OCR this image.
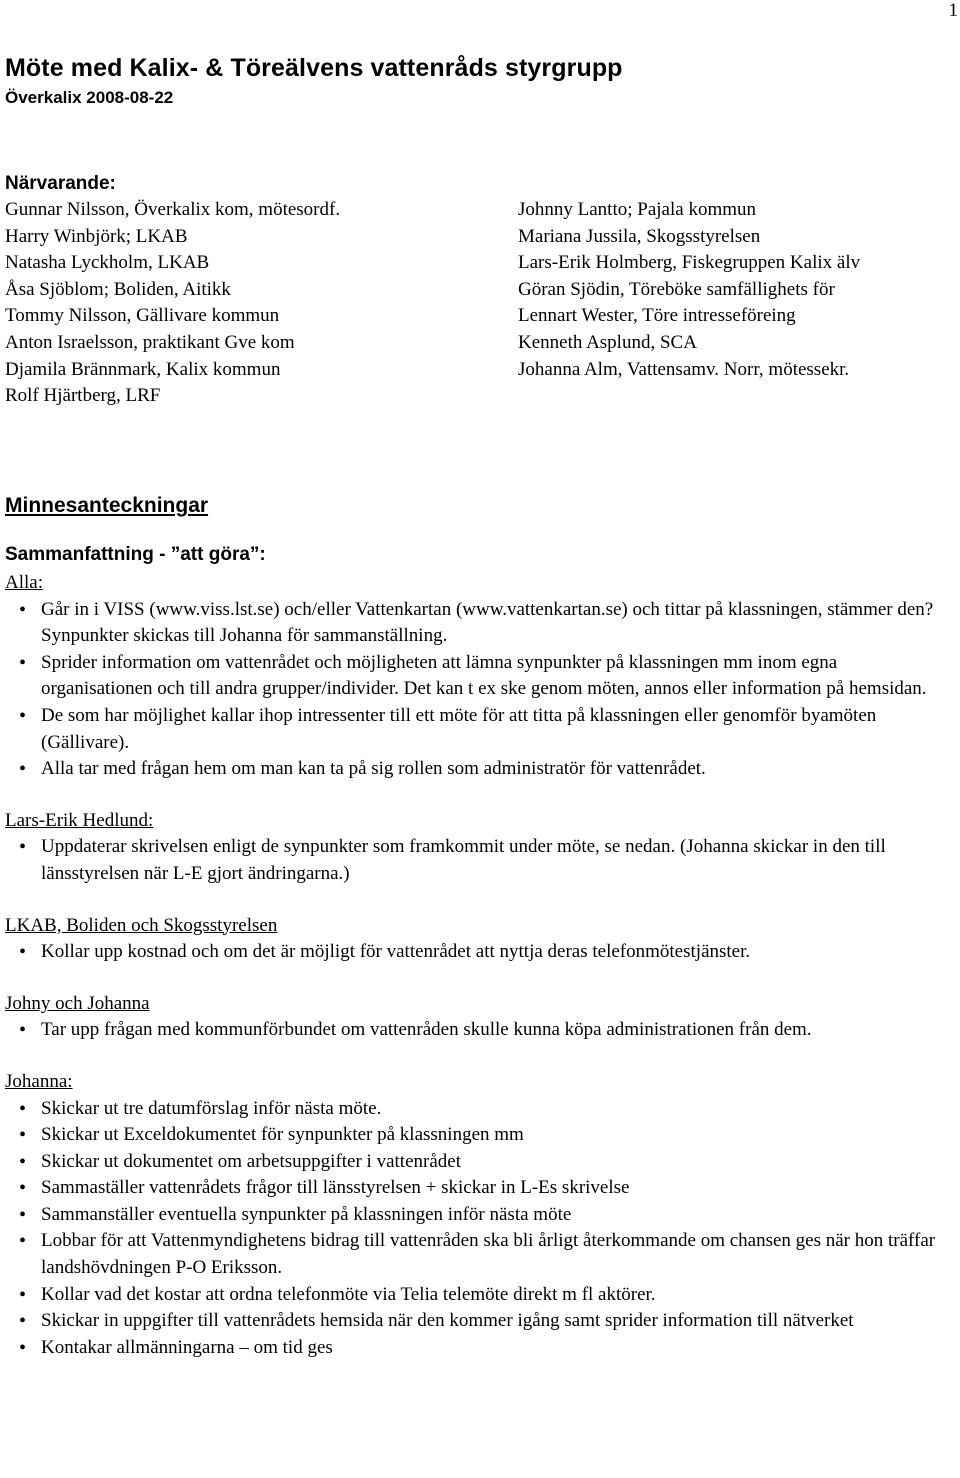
1
Möte med Kalix- & Töreälvens vattenråds styrgrupp
Överkalix 2008-08-22
Närvarande:
Gunnar Nilsson, Överkalix kom, mötesordf.
Harry Winbjörk; LKAB
Natasha Lyckholm, LKAB
Åsa Sjöblom; Boliden, Aitikk
Tommy Nilsson, Gällivare kommun
Anton Israelsson, praktikant Gve kom
Djamila Brännmark, Kalix kommun
Rolf Hjärtberg, LRF
Johnny Lantto; Pajala kommun
Mariana Jussila, Skogsstyrelsen
Lars-Erik Holmberg, Fiskegruppen Kalix älv
Göran Sjödin, Töreböke samfällighets för
Lennart Wester, Töre intresseföreing
Kenneth Asplund, SCA
Johanna Alm, Vattensamv. Norr, mötessekr.
Minnesanteckningar
Sammanfattning - ”att göra”:
Alla:
• Går in i VISS (www.viss.lst.se) och/eller Vattenkartan (www.vattenkartan.se) och tittar på klassningen, stämmer den? Synpunkter skickas till Johanna för sammanställning.
• Sprider information om vattenrådet och möjligheten att lämna synpunkter på klassningen mm inom egna organisationen och till andra grupper/individer. Det kan t ex ske genom möten, annos eller information på hemsidan.
• De som har möjlighet kallar ihop intressenter till ett möte för att titta på klassningen eller genomför byamöten (Gällivare).
• Alla tar med frågan hem om man kan ta på sig rollen som administratör för vattenrådet.
Lars-Erik Hedlund:
• Uppdaterar skrivelsen enligt de synpunkter som framkommit under möte, se nedan. (Johanna skickar in den till länsstyrelsen när L-E gjort ändringarna.)
LKAB, Boliden och Skogsstyrelsen
• Kollar upp kostnad och om det är möjligt för vattenrådet att nyttja deras telefonmötestjänster.
Johny och Johanna
• Tar upp frågan med kommunförbundet om vattenråden skulle kunna köpa administrationen från dem.
Johanna:
• Skickar ut tre datumförslag inför nästa möte.
• Skickar ut Exceldokumentet för synpunkter på klassningen mm
• Skickar ut dokumentet om arbetsuppgifter i vattenrådet
• Sammaställer vattenrådets frågor till länsstyrelsen + skickar in L-Es skrivelse
• Sammanställer eventuella synpunkter på klassningen inför nästa möte
• Lobbar för att Vattenmyndighetens bidrag till vattenråden ska bli årligt återkommande om chansen ges när hon träffar landshövdningen P-O Eriksson.
• Kollar vad det kostar att ordna telefonmöte via Telia telemöte direkt m fl aktörer.
• Skickar in uppgifter till vattenrådets hemsida när den kommer igång samt sprider information till nätverket
• Kontakar allmänningarna – om tid ges
